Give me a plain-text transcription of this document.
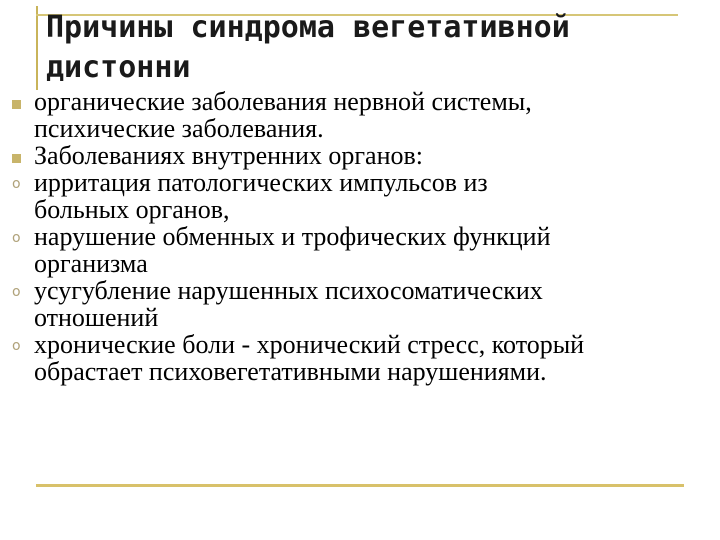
Причины синдрома вегетативной
дистонни
органические заболевания нервной системы,
психические заболевания.
Заболеваниях внутренних органов:
ирритация патологических импульсов из
больных органов,
нарушение обменных и трофических функций
организма
усугубление нарушенных психосоматических
отношений
хронические боли - хронический стресс, который
обрастает психовегетативными нарушениями.
